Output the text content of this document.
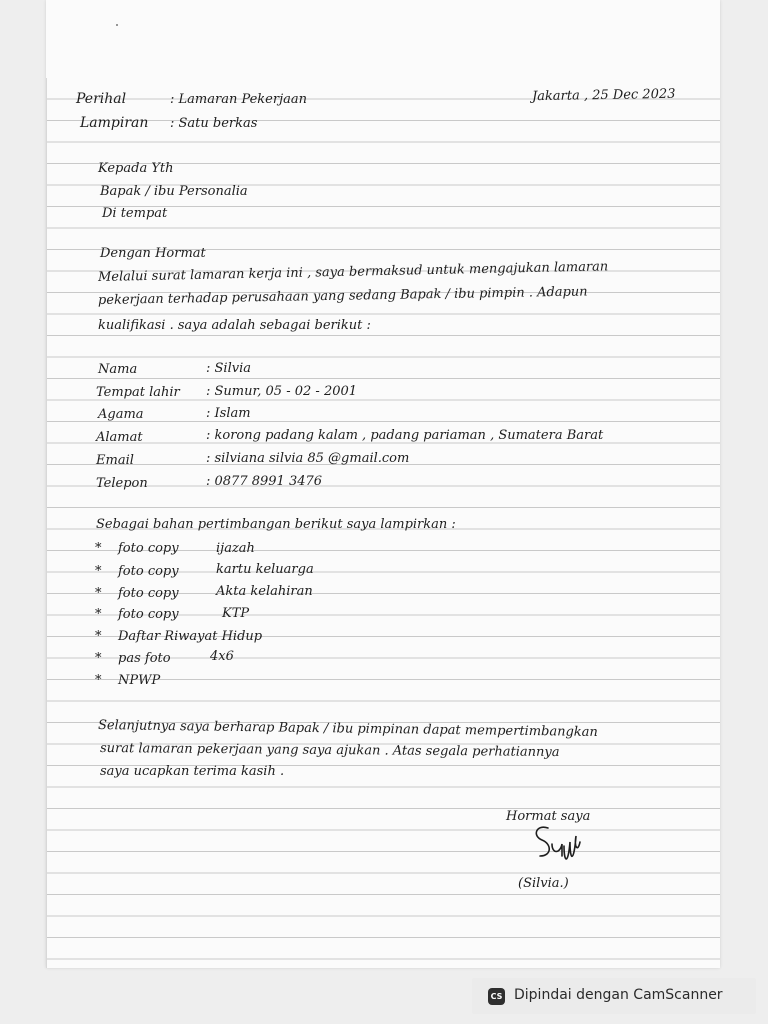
Perihal	: Lamaran Pekerjaan	Jakarta , 25 Dec 2023
Lampiran : Satu berkas
Kepada Yth
Bapak / ibu Personalia
Di tempat
Dengan Hormat
Melalui surat lamaran kerja ini , saya bermaksud untuk mengajukan lamaran
pekerjaan terhadap perusahaan yang sedang Bapak / ibu pimpin . Adapun
kualifikasi . saya adalah sebagai berikut :
Nama	: Silvia
Tempat lahir : Sumur, 05 - 02 - 2001
Agama	: Islam
Alamat	: korong padang kalam , padang pariaman , Sumatera Barat
Email	: silviana silvia 85 @gmail.com
Telepon	: 0877 8991 3476
Sebagai bahan pertimbangan berikut saya lampirkan :
* foto copy	ijazah
* foto copy	kartu keluarga
* foto copy	Akta kelahiran
* foto copy	KTP
* Daftar Riwayat Hidup
* pas foto	4x6
* NPWP
Selanjutnya saya berharap Bapak / ibu pimpinan dapat mempertimbangkan
surat lamaran pekerjaan yang saya ajukan . Atas segala perhatiannya
saya ucapkan terima kasih .
Hormat saya
(Silvia.)
CS Dipindai dengan CamScanner
